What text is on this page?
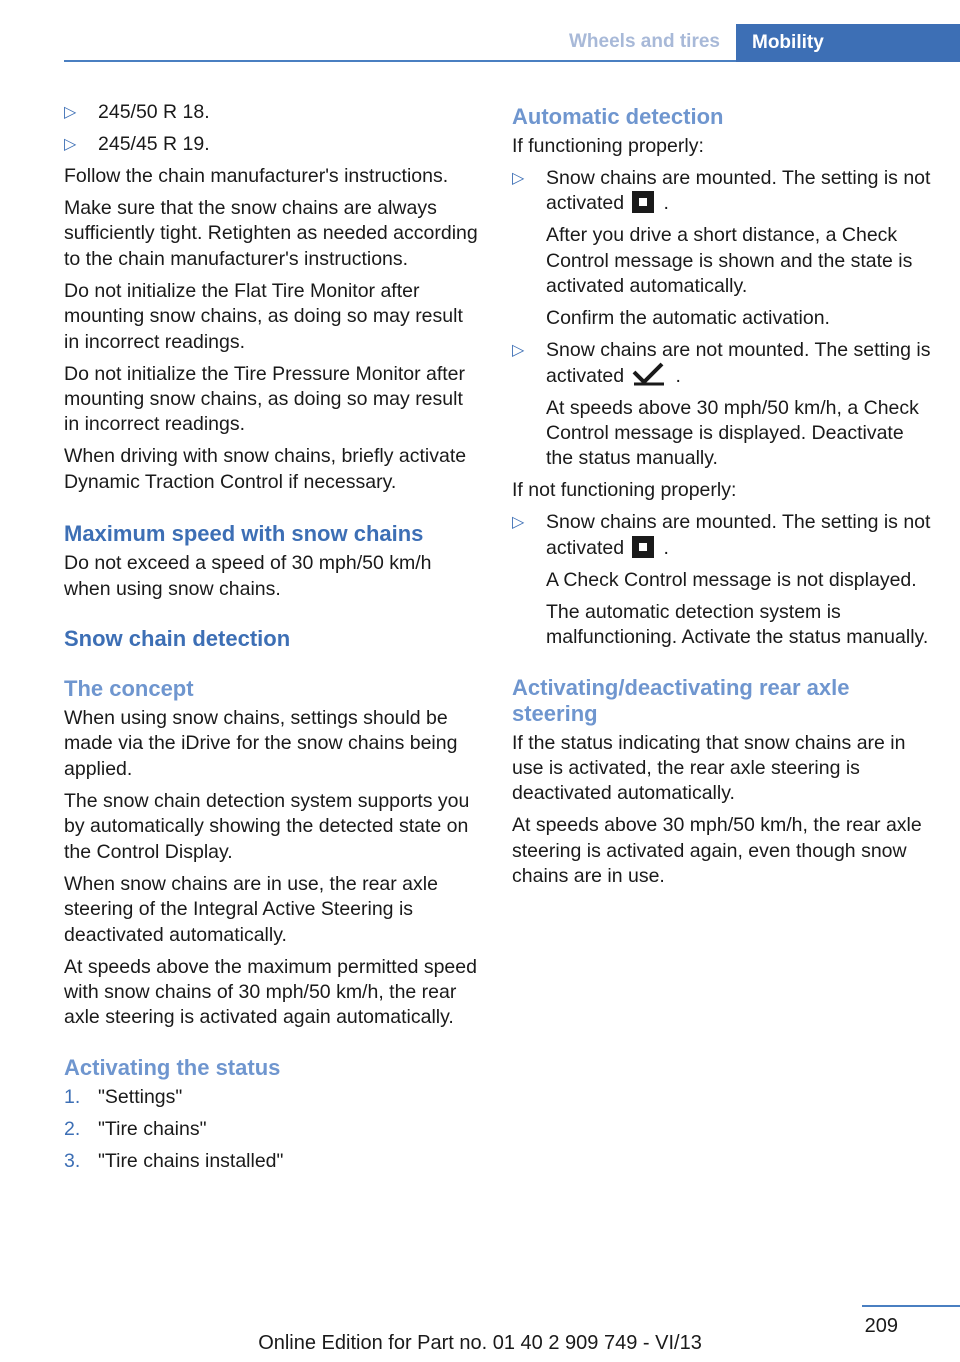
Wheels and tires	Mobility
▷ 245/50 R 18.
▷ 245/45 R 19.

Follow the chain manufacturer's instructions.

Make sure that the snow chains are always sufficiently tight. Retighten as needed according to the chain manufacturer's instructions.

Do not initialize the Flat Tire Monitor after mounting snow chains, as doing so may result in incorrect readings.

Do not initialize the Tire Pressure Monitor after mounting snow chains, as doing so may result in incorrect readings.

When driving with snow chains, briefly activate Dynamic Traction Control if necessary.

Maximum speed with snow chains

Do not exceed a speed of 30 mph/50 km/h when using snow chains.

Snow chain detection
The concept

When using snow chains, settings should be made via the iDrive for the snow chains being applied.

The snow chain detection system supports you by automatically showing the detected state on the Control Display.

When snow chains are in use, the rear axle steering of the Integral Active Steering is deactivated automatically.

At speeds above the maximum permitted speed with snow chains of 30 mph/50 km/h, the rear axle steering is activated again automatically.

Activating the status
1. "Settings"
2. "Tire chains"
3. "Tire chains installed"
Automatic detection

If functioning properly:

▷ Snow chains are mounted. The setting is not activated .
After you drive a short distance, a Check Control message is shown and the state is activated automatically.
Confirm the automatic activation.
▷ Snow chains are not mounted. The setting is activated	.
At speeds above 30 mph/50 km/h, a Check Control message is displayed. Deactivate the status manually.

If not functioning properly:

▷ Snow chains are mounted. The setting is not activated .
A Check Control message is not displayed.
The automatic detection system is malfunctioning. Activate the status manually.
Activating/deactivating rear axle steering

If the status indicating that snow chains are in use is activated, the rear axle steering is deactivated automatically.

At speeds above 30 mph/50 km/h, the rear axle steering is activated again, even though snow chains are in use.

209
Online Edition for Part no. 01 40 2 909 749 - VI/13
